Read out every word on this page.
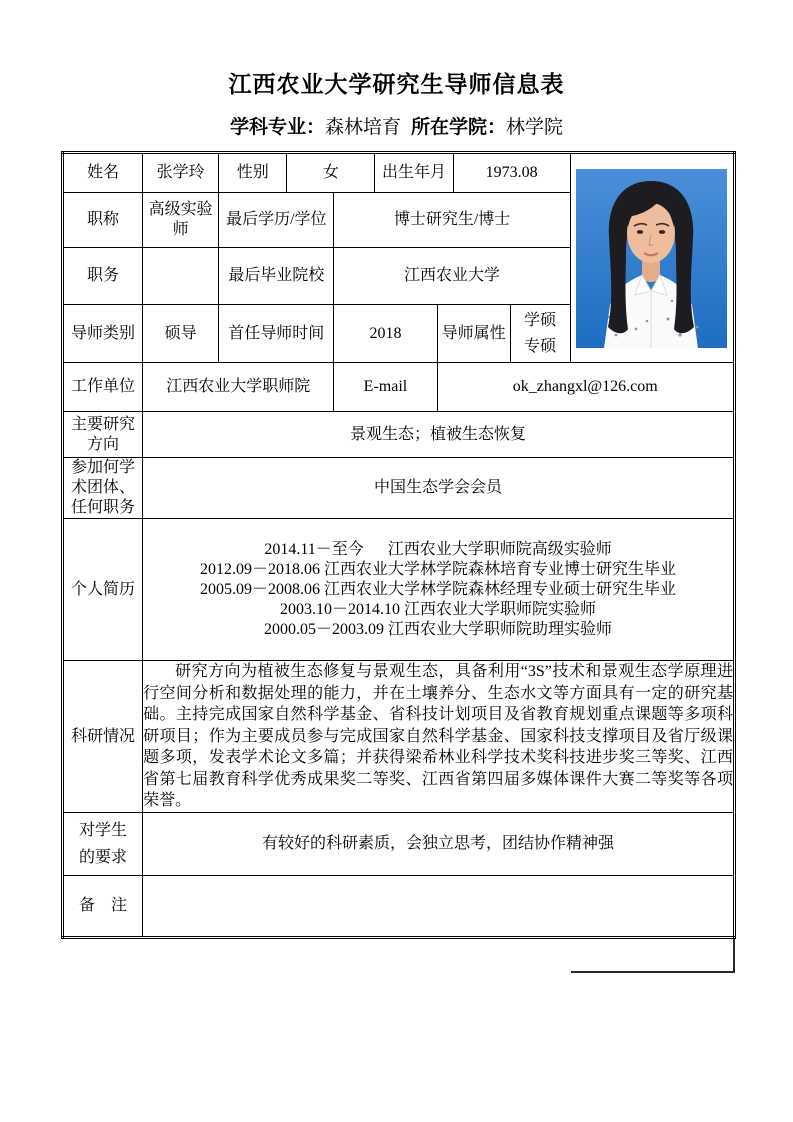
江西农业大学研究生导师信息表
学科专业：森林培育 所在学院：林学院
姓名	张学玲	性别	女		出生年月		1973.08	

职称	高级实验师	最后学历/学位		博士研究生/博士					
职务		最后毕业院校		江西农业大学					
导师类别	硕导	首任导师时间		2018		导师属性		学硕
专硕	

工作单位	江西农业大学职师院			E-mail		ok_zhangxl@126.com			
主要研究方向	景观生态；植被生态恢复								
参加何学术团体、任何职务	中国生态学会会员								
个人简历	2014.11－至今      江西农业大学职师院高级实验师
2012.09－2018.06 江西农业大学林学院森林培育专业博士研究生毕业
2005.09－2008.06 江西农业大学林学院森林经理专业硕士研究生毕业
2003.10－2014.10 江西农业大学职师院实验师
2000.05－2003.09 江西农业大学职师院助理实验师								

科研情况	研究方向为植被生态修复与景观生态，具备利用“3S”技术和景观生态学原理进行空间分析和数据处理的能力，并在土壤养分、生态水文等方面具有一定的研究基础。主持完成国家自然科学基金、省科技计划项目及省教育规划重点课题等多项科研项目；作为主要成员参与完成国家自然科学基金、国家科技支撑项目及省厅级课题多项，发表学术论文多篇；并获得梁希林业科学技术奖科技进步奖三等奖、江西省第七届教育科学优秀成果奖二等奖、江西省第四届多媒体课件大赛二等奖等各项荣誉。								

对学生
的要求	有较好的科研素质，会独立思考，团结协作精神强								
备　注									
